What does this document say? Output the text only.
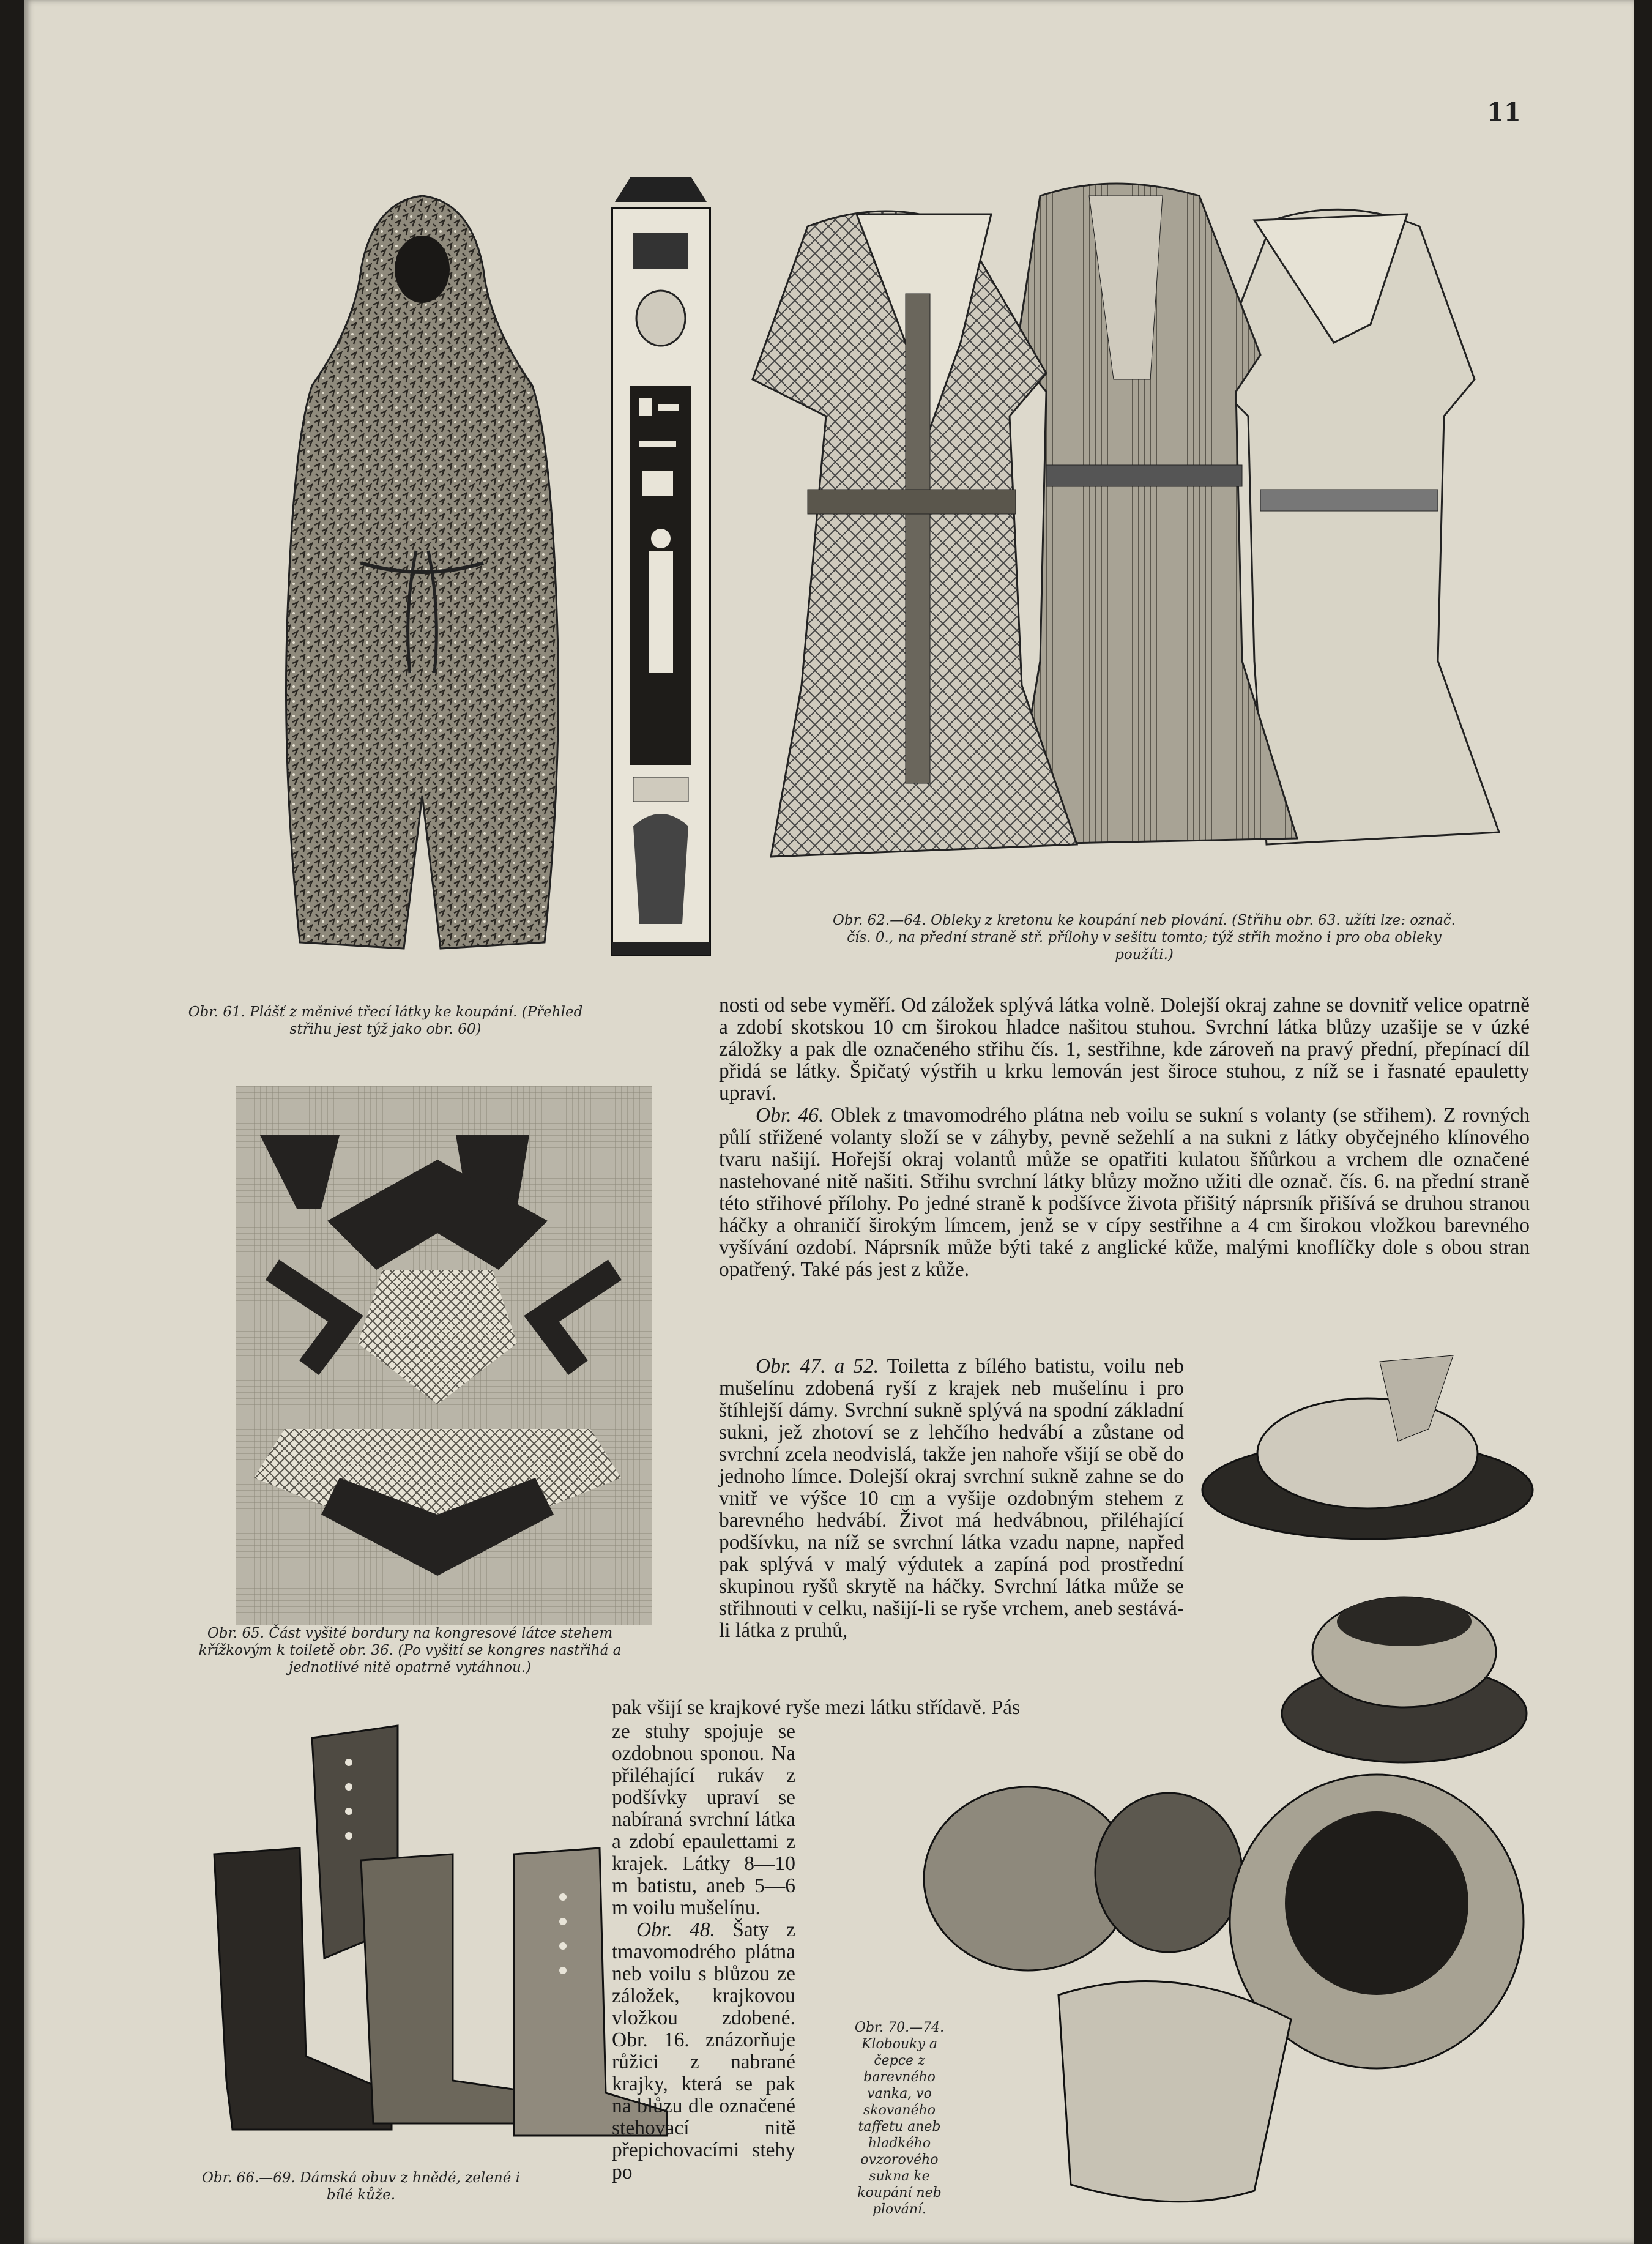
11
Obr. 62.—64. Obleky z kretonu ke koupání neb plování. (Střihu obr. 63. užíti lze: označ. čís. 0., na přední straně stř. přílohy v sešitu tomto; týž střih možno i pro oba obleky použíti.)
Obr. 61. Plášť z měnivé třecí látky ke koupání. (Přehled střihu jest týž jako obr. 60)
Obr. 65. Část vyšité bordury na kongresové látce stehem křížkovým k toiletě obr. 36. (Po vyšití se kongres nastřihá a jednotlivé nitě opatrně vytáhnou.)
Obr. 66.—69. Dámská obuv z hnědé, zelené i bílé kůže.
Obr. 70.—74. Klobouky a čepce z barevného vanka, vo skovaného taffetu aneb hladkého ovzorového sukna ke koupání neb plování.

nosti od sebe vyměří. Od záložek splývá látka volně. Dolejší okraj zahne se dovnitř velice opatrně a zdobí skotskou 10 cm širokou hladce našitou stuhou. Svrchní látka blůzy uzašije se v úzké záložky a pak dle označeného střihu čís. 1, sestřihne, kde zároveň na pravý přední, přepínací díl přidá se látky. Špičatý výstřih u krku lemován jest široce stuhou, z níž se i řasnaté epauletty upraví.

Obr. 46. Oblek z tmavomodrého plátna neb voilu se sukní s volanty (se střihem). Z rovných půlí střižené volanty složí se v záhyby, pevně sežehlí a na sukni z látky obyčejného klínového tvaru našijí. Hořejší okraj volantů může se opatřiti kulatou šňůrkou a vrchem dle označené nastehované nitě našiti. Střihu svrchní látky blůzy možno užiti dle označ. čís. 6. na přední straně této střihové přílohy. Po jedné straně k podšívce života přišitý náprsník přišívá se druhou stranou háčky a ohraničí širokým límcem, jenž se v cípy sestřihne a 4 cm širokou vložkou barevného vyšívání ozdobí. Náprsník může býti také z anglické kůže, malými knoflíčky dole s obou stran opatřený. Také pás jest z kůže.

Obr. 47. a 52. Toiletta z bílého batistu, voilu neb mušelínu zdobená ryší z krajek neb mušelínu i pro štíhlejší dámy. Svrchní sukně splývá na spodní základní sukni, jež zhotoví se z lehčího hedvábí a zůstane od svrchní zcela neodvislá, takže jen nahoře všijí se obě do jednoho límce. Dolejší okraj svrchní sukně zahne se do vnitř ve výšce 10 cm a vyšije ozdobným stehem z barevného hedvábí. Život má hedvábnou, přiléhající podšívku, na níž se svrchní látka vzadu napne, napřed pak splývá v malý výdutek a zapíná pod prostřední skupinou ryšů skrytě na háčky. Svrchní látka může se střihnouti v celku, našijí-li se ryše vrchem, aneb sestává-li látka z pruhů,

pak všijí se krajkové ryše mezi látku střídavě. Pás

ze stuhy spojuje se ozdobnou sponou. Na přiléhající rukáv z podšívky upraví se nabíraná svrchní látka a zdobí epaulettami z krajek. Látky 8—10 m batistu, aneb 5—6 m voilu mušelínu.

Obr. 48. Šaty z tmavomodrého plátna neb voilu s blůzou ze záložek, krajkovou vložkou zdobené. Obr. 16. znázorňuje růžici z nabrané krajky, která se pak na blůzu dle označené stehovací nitě přepichovacími stehy po
